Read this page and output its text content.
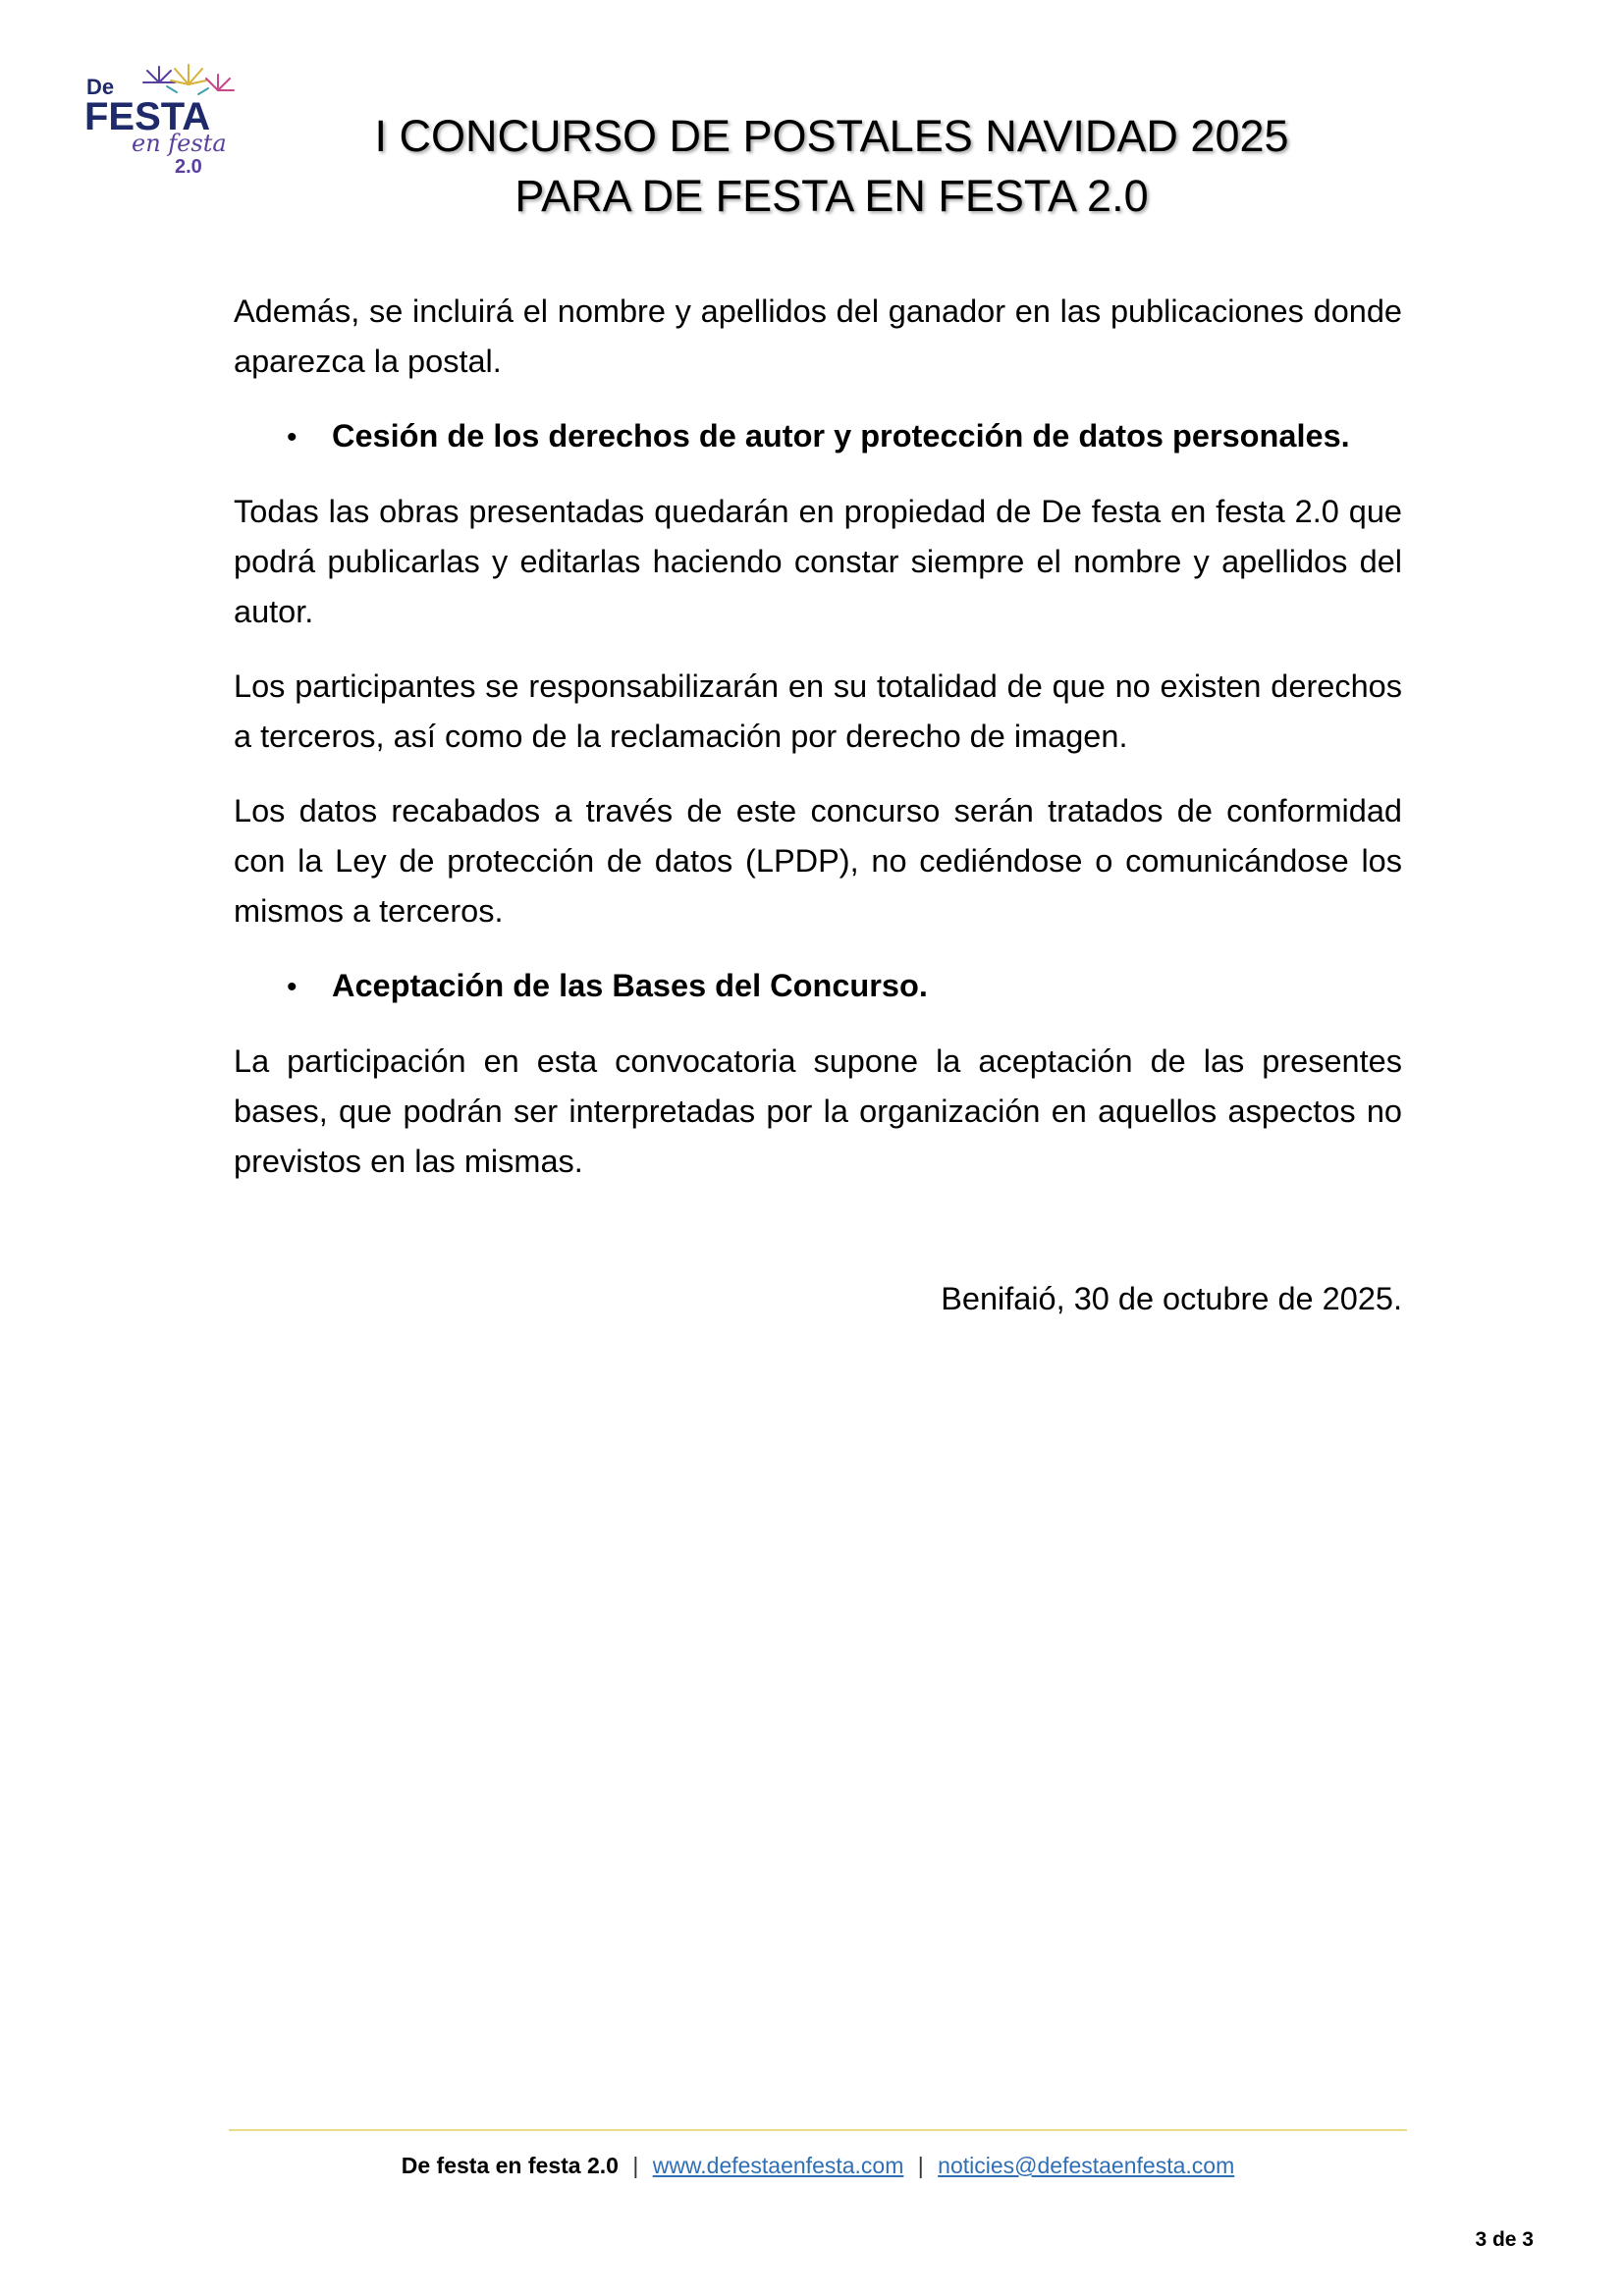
De
FESTA
en festa
2.0
I CONCURSO DE POSTALES NAVIDAD 2025
PARA DE FESTA EN FESTA 2.0

Además, se incluirá el nombre y apellidos del ganador en las publicaciones donde aparezca la postal.

•	Cesión de los derechos de autor y protección de datos personales.

Todas las obras presentadas quedarán en propiedad de De festa en festa 2.0 que podrá publicarlas y editarlas haciendo constar siempre el nombre y apellidos del autor.

Los participantes se responsabilizarán en su totalidad de que no existen derechos a terceros, así como de la reclamación por derecho de imagen.

Los datos recabados a través de este concurso serán tratados de conformidad con la Ley de protección de datos (LPDP), no cediéndose o comunicándose los mismos a terceros.

•	Aceptación de las Bases del Concurso.

La participación en esta convocatoria supone la aceptación de las presentes bases, que podrán ser interpretadas por la organización en aquellos aspectos no previstos en las mismas.

Benifaió, 30 de octubre de 2025.
De festa en festa 2.0 | www.defestaenfesta.com | noticies@defestaenfesta.com
3 de 3
